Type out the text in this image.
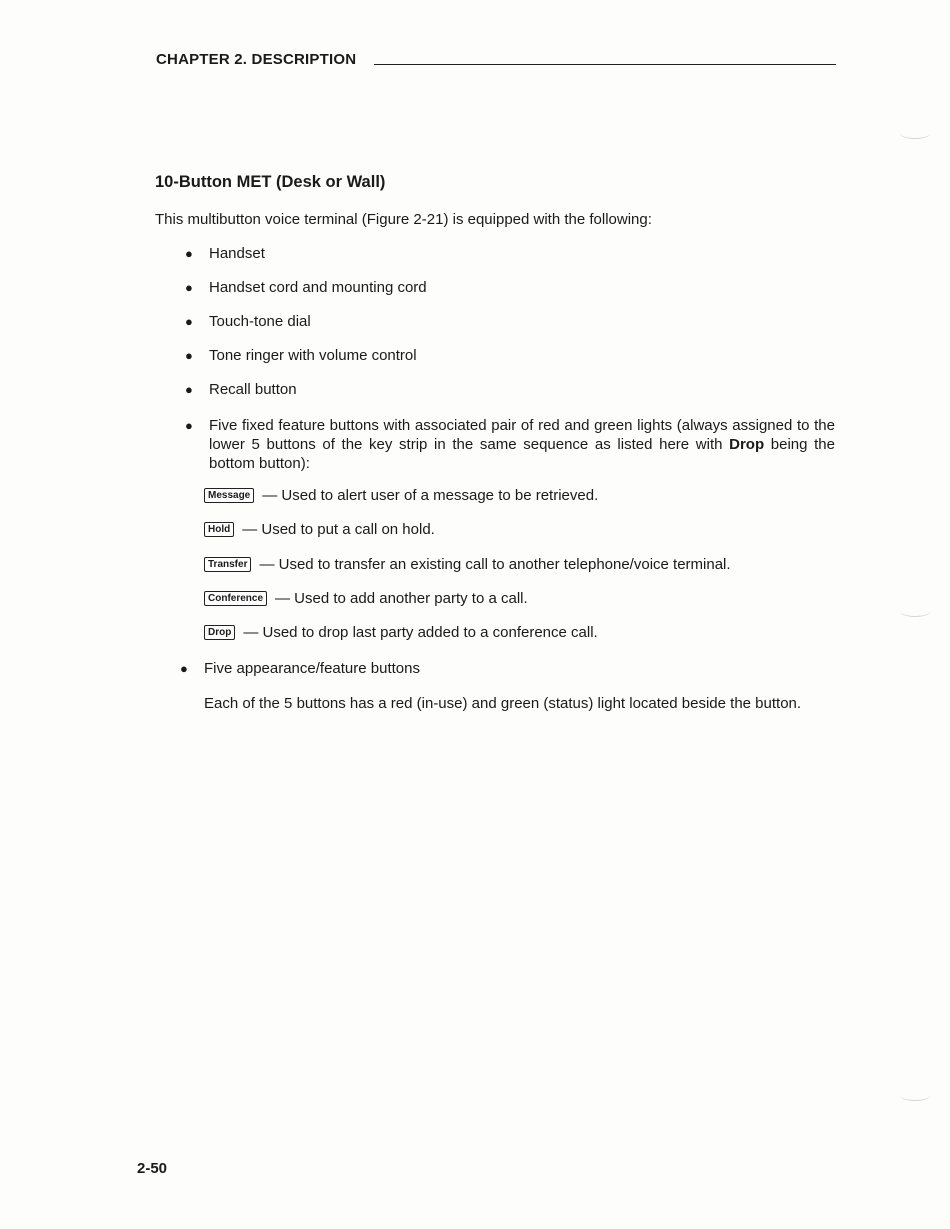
CHAPTER 2. DESCRIPTION
10-Button MET (Desk or Wall)

This multibutton voice terminal (Figure 2-21) is equipped with the following:

●	Handset
●	Handset cord and mounting cord
●	Touch-tone dial
●	Tone ringer with volume control
●	Recall button
●	Five fixed feature buttons with associated pair of red and green lights (always assigned to the lower 5 buttons of the key strip in the same sequence as listed here with Drop being the bottom button):
Message — Used to alert user of a message to be retrieved.
Hold — Used to put a call on hold.
Transfer — Used to transfer an existing call to another telephone/voice terminal.
Conference — Used to add another party to a call.
Drop — Used to drop last party added to a conference call.
●	Five appearance/feature buttons

Each of the 5 buttons has a red (in-use) and green (status) light located beside the button.

2-50
